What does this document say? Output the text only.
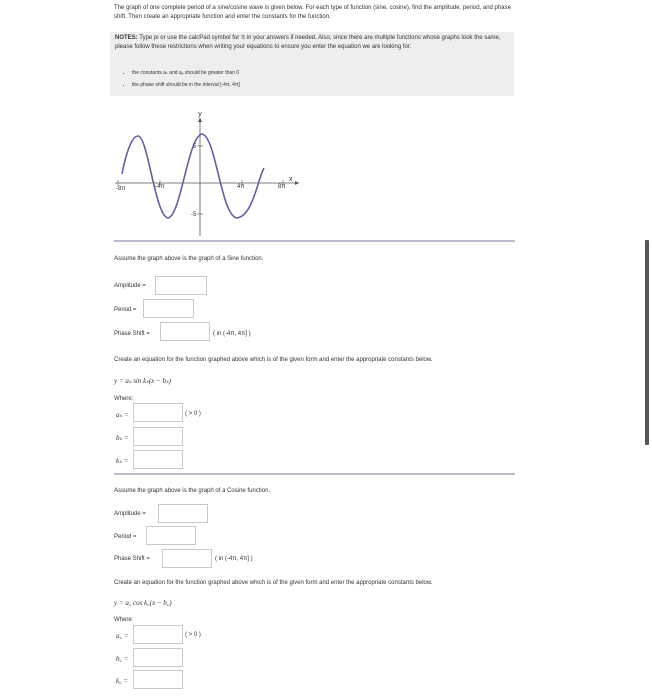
The graph of one complete period of a sine/cosine wave is given below. For each type of function (sine, cosine), find the amplitude, period, and phase shift. Then create an appropriate function and enter the constants for the function.
NOTES: Type pi or use the calcPad symbol for π in your answers if needed. Also, since there are multiple functions whose graphs look the same, please follow these restrictions when writing your equations to ensure you enter the equation we are looking for:
• the constants aₛ and aₑ should be greater than 0
• the phase shift should be in the interval [-4π, 4π]
y
x
-8π	-4π	4π	8π
5
-5
Assume the graph above is the graph of a Sine function.
Amplitude =
Period =
Phase Shift =	( in (-4π, 4π] )
Create an equation for the function graphed above which is of the given form and enter the appropriate constants below.
y = aₛ sin kₛ(x − bₛ)
Where:
aₛ =	( > 0 )
bₛ =
kₛ =
Assume the graph above is the graph of a Cosine function.
Amplitude =
Period =
Phase Shift =	( in (-4π, 4π] )
Create an equation for the function graphed above which is of the given form and enter the appropriate constants below.
y = a꜀ cos k꜀(x − b꜀)
Where:
a꜀ =	( > 0 )
b꜀ =
k꜀ =
